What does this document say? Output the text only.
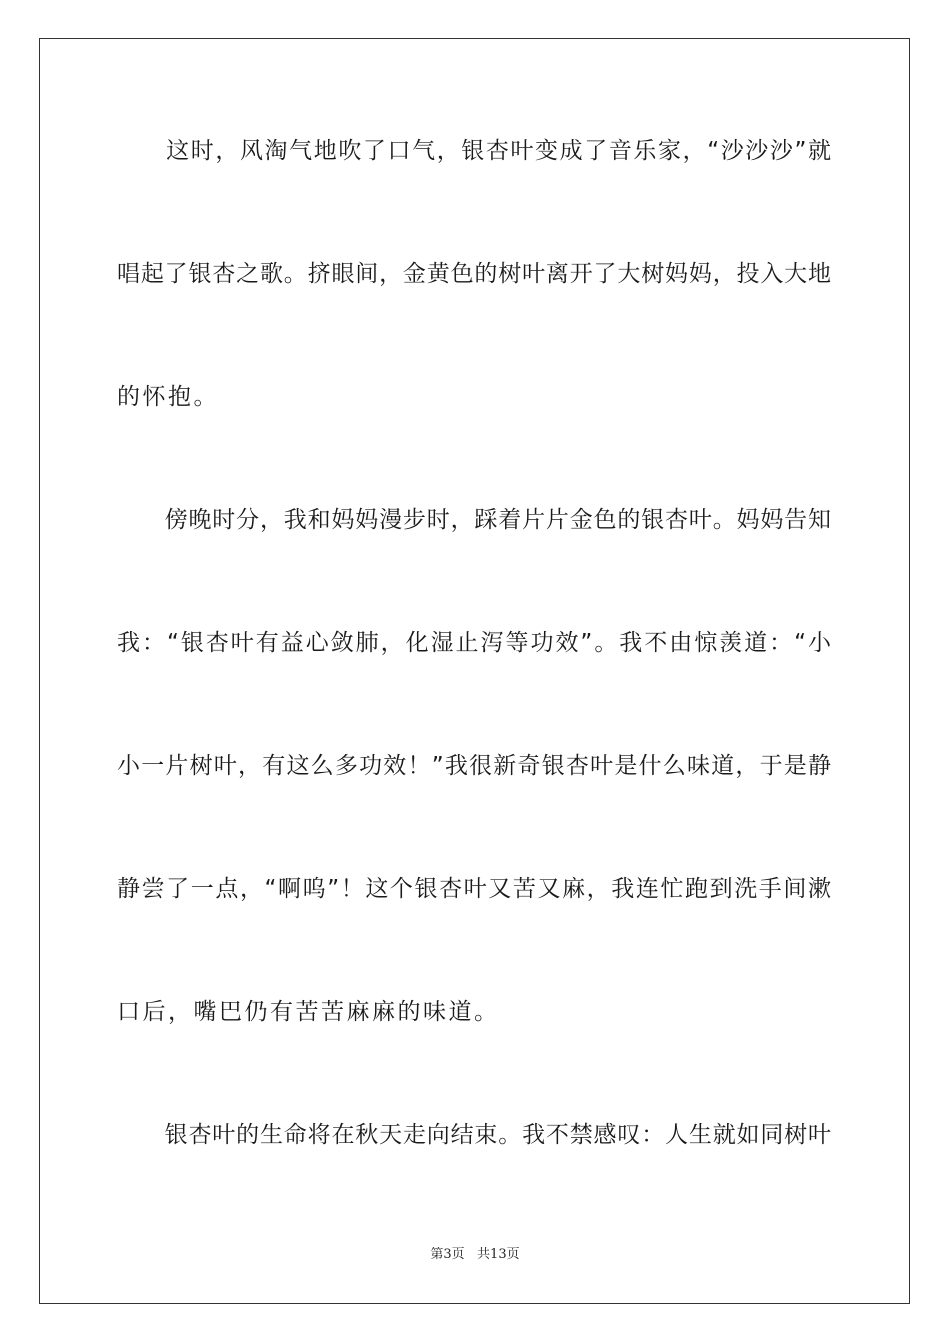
　　这时，风淘气地吹了口气，银杏叶变成了音乐家，“沙沙沙”就
唱起了银杏之歌。挤眼间，金黄色的树叶离开了大树妈妈，投入大地
的怀抱。
　　傍晚时分，我和妈妈漫步时，踩着片片金色的银杏叶。妈妈告知
我：“银杏叶有益心敛肺，化湿止泻等功效”。我不由惊羡道：“小
小一片树叶，有这么多功效！”我很新奇银杏叶是什么味道，于是静
静尝了一点，“啊呜”！这个银杏叶又苦又麻，我连忙跑到洗手间漱
口后，嘴巴仍有苦苦麻麻的味道。
　　银杏叶的生命将在秋天走向结束。我不禁感叹：人生就如同树叶
第3页   共13页
